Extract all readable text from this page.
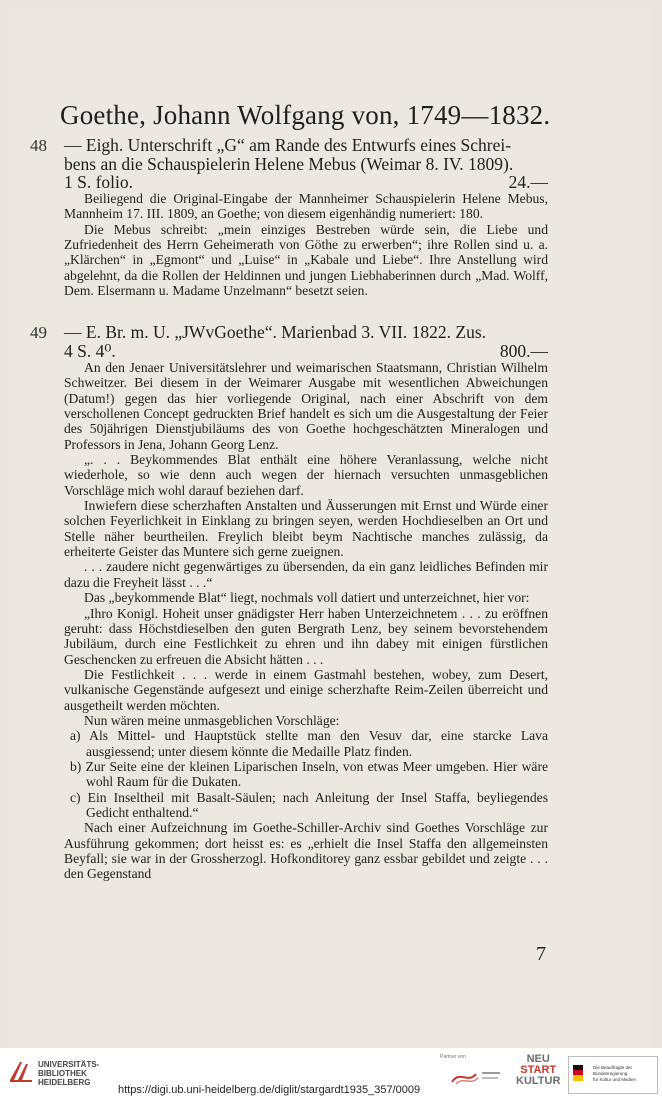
Goethe, Johann Wolfgang von, 1749—1832.
48 — Eigh. Unterschrift „G“ am Rande des Entwurfs eines Schrei-
bens an die Schauspielerin Helene Mebus (Weimar 8. IV. 1809).
1 S. folio.	24.—
Beiliegend die Original-Eingabe der Mannheimer Schauspielerin Helene Mebus, Mannheim 17. III. 1809, an Goethe; von diesem eigenhändig numeriert: 180.
Die Mebus schreibt: „mein einziges Bestreben würde sein, die Liebe und Zufriedenheit des Herrn Geheimerath von Göthe zu erwerben“; ihre Rollen sind u. a. „Klärchen“ in „Egmont“ und „Luise“ in „Kabale und Liebe“. Ihre Anstellung wird abgelehnt, da die Rollen der Heldinnen und jungen Liebhaberinnen durch „Mad. Wolff, Dem. Elsermann u. Madame Unzelmann“ besetzt seien.
49 — E. Br. m. U. „JWvGoethe“. Marienbad 3. VII. 1822. Zus.
4 S. 4⁰.	800.—
An den Jenaer Universitätslehrer und weimarischen Staatsmann, Christian Wilhelm Schweitzer. Bei diesem in der Weimarer Ausgabe mit wesentlichen Abweichungen (Datum!) gegen das hier vorliegende Original, nach einer Abschrift von dem verschollenen Concept gedruckten Brief handelt es sich um die Ausgestaltung der Feier des 50jährigen Dienstjubiläums des von Goethe hochgeschätzten Mineralogen und Professors in Jena, Johann Georg Lenz.
„. . . Beykommendes Blat enthält eine höhere Veranlassung, welche nicht wiederhole, so wie denn auch wegen der hiernach versuchten unmasgeblichen Vorschläge mich wohl darauf beziehen darf.
Inwiefern diese scherzhaften Anstalten und Äusserungen mit Ernst und Würde einer solchen Feyerlichkeit in Einklang zu bringen seyen, werden Hochdieselben an Ort und Stelle näher beurtheilen. Freylich bleibt beym Nachtische manches zulässig, da erheiterte Geister das Muntere sich gerne zueignen.
. . . zaudere nicht gegenwärtiges zu übersenden, da ein ganz leidliches Befinden mir dazu die Freyheit lässt . . .“
Das „beykommende Blat“ liegt, nochmals voll datiert und unterzeichnet, hier vor:
„Ihro Konigl. Hoheit unser gnädigster Herr haben Unterzeichnetem . . . zu eröffnen geruht: dass Höchstdieselben den guten Bergrath Lenz, bey seinem bevorstehendem Jubiläum, durch eine Festlichkeit zu ehren und ihn dabey mit einigen fürstlichen Geschencken zu erfreuen die Absicht hätten . . .
Die Festlichkeit . . . werde in einem Gastmahl bestehen, wobey, zum Desert, vulkanische Gegenstände aufgesezt und einige scherzhafte Reim-Zeilen überreicht und ausgetheilt werden möchten.
Nun wären meine unmasgeblichen Vorschläge:
a) Als Mittel- und Hauptstück stellte man den Vesuv dar, eine starcke Lava ausgiessend; unter diesem könnte die Medaille Platz finden.
b) Zur Seite eine der kleinen Liparischen Inseln, von etwas Meer umgeben. Hier wäre wohl Raum für die Dukaten.
c) Ein Inseltheil mit Basalt-Säulen; nach Anleitung der Insel Staffa, beyliegendes Gedicht enthaltend.“
Nach einer Aufzeichnung im Goethe-Schiller-Archiv sind Goethes Vorschläge zur Ausführung gekommen; dort heisst es: es „erhielt die Insel Staffa den allgemeinsten Beyfall; sie war in der Grossherzogl. Hofkonditorey ganz essbar gebildet und zeigte . . . den Gegenstand
7
UNIVERSITÄTS-
BIBLIOTHEK
HEIDELBERG
https://digi.ub.uni-heidelberg.de/diglit/stargardt1935_357/0009
Partner von	NEU
START
KULTUR
Die Beauftragte der Bundesregierung
für Kultur und Medien
